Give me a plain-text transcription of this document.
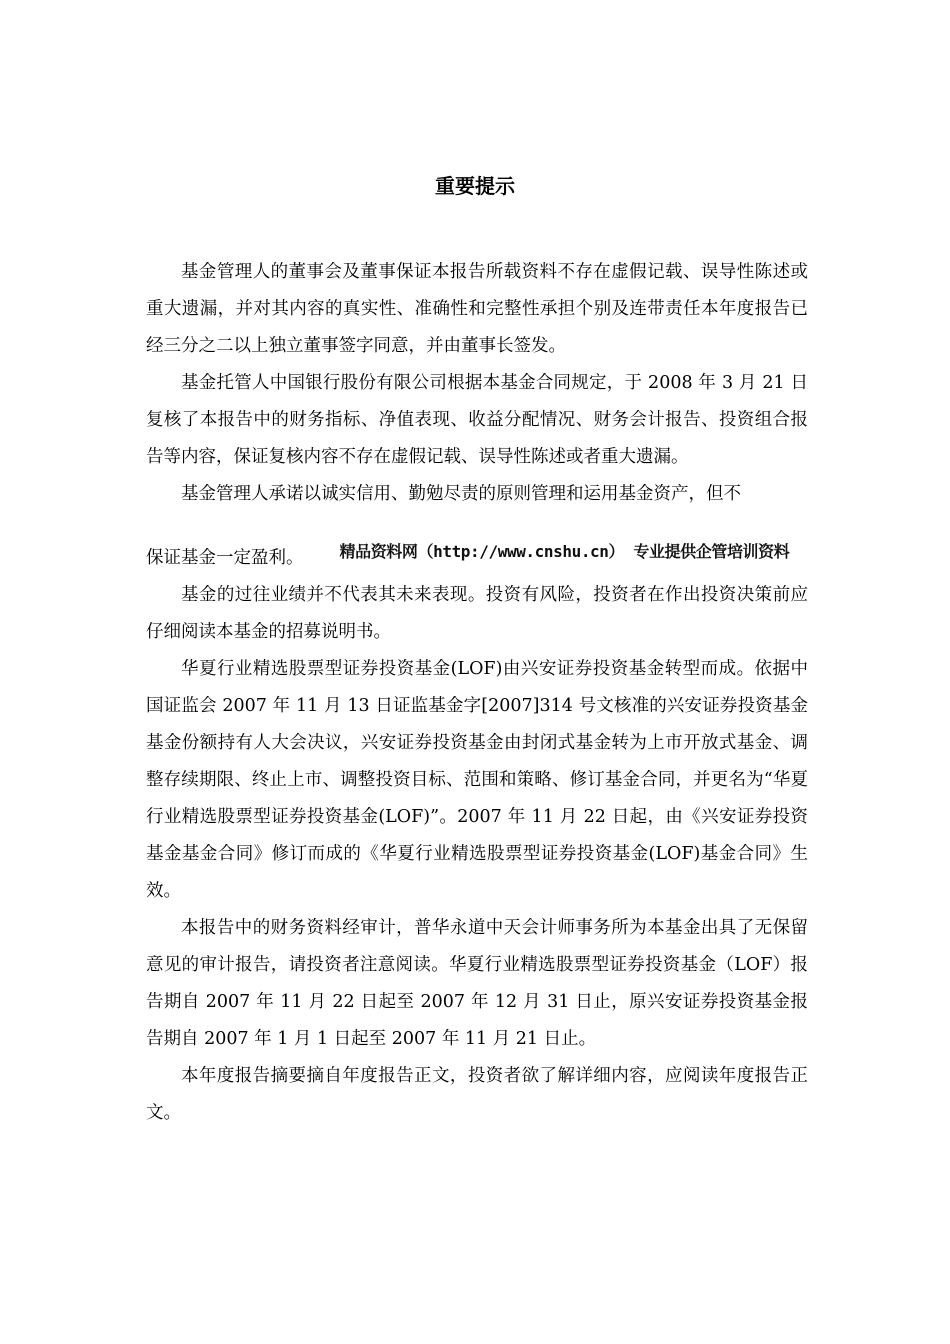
重要提示

基金管理人的董事会及董事保证本报告所载资料不存在虚假记载、误导性陈述或重大遗漏，并对其内容的真实性、准确性和完整性承担个别及连带责任本年度报告已经三分之二以上独立董事签字同意，并由董事长签发。

基金托管人中国银行股份有限公司根据本基金合同规定，于 2008 年 3 月 21 日复核了本报告中的财务指标、净值表现、收益分配情况、财务会计报告、投资组合报告等内容，保证复核内容不存在虚假记载、误导性陈述或者重大遗漏。

基金管理人承诺以诚实信用、勤勉尽责的原则管理和运用基金资产，但不
保证基金一定盈利。 精品资料网（http://www.cnshu.cn） 专业提供企管培训资料

基金的过往业绩并不代表其未来表现。投资有风险，投资者在作出投资决策前应仔细阅读本基金的招募说明书。

华夏行业精选股票型证券投资基金(LOF)由兴安证券投资基金转型而成。依据中国证监会 2007 年 11 月 13 日证监基金字[2007]314 号文核准的兴安证券投资基金基金份额持有人大会决议，兴安证券投资基金由封闭式基金转为上市开放式基金、调整存续期限、终止上市、调整投资目标、范围和策略、修订基金合同，并更名为“华夏行业精选股票型证券投资基金(LOF)”。2007 年 11 月 22 日起，由《兴安证券投资基金基金合同》修订而成的《华夏行业精选股票型证券投资基金(LOF)基金合同》生效。

本报告中的财务资料经审计，普华永道中天会计师事务所为本基金出具了无保留意见的审计报告，请投资者注意阅读。华夏行业精选股票型证券投资基金（LOF）报告期自 2007 年 11 月 22 日起至 2007 年 12 月 31 日止，原兴安证券投资基金报告期自 2007 年 1 月 1 日起至 2007 年 11 月 21 日止。

本年度报告摘要摘自年度报告正文，投资者欲了解详细内容，应阅读年度报告正文。
